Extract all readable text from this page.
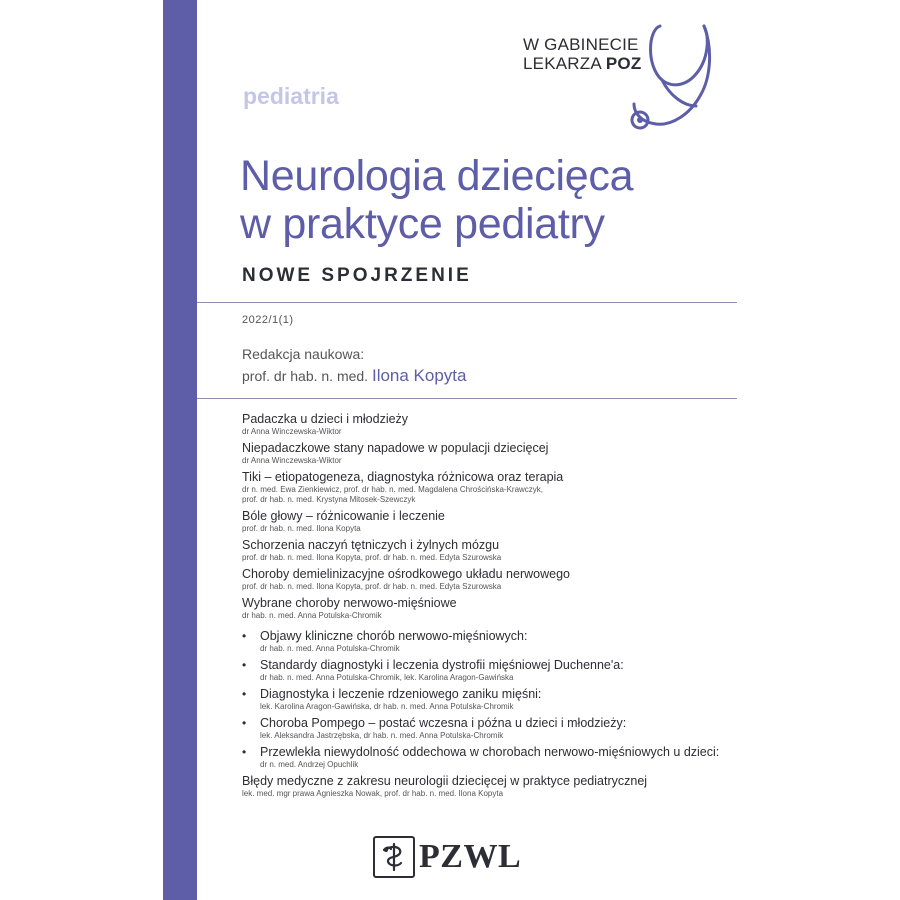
W GABINECIE
LEKARZA POZ
pediatria
Neurologia dziecięca
w praktyce pediatry
NOWE SPOJRZENIE
2022/1(1)
Redakcja naukowa:
prof. dr hab. n. med. Ilona Kopyta
Padaczka u dzieci i młodzieży
dr Anna Winczewska-Wiktor
Niepadaczkowe stany napadowe w populacji dziecięcej
dr Anna Winczewska-Wiktor
Tiki – etiopatogeneza, diagnostyka różnicowa oraz terapia
dr n. med. Ewa Zienkiewicz, prof. dr hab. n. med. Magdalena Chrościńska-Krawczyk,
prof. dr hab. n. med. Krystyna Mitosek-Szewczyk
Bóle głowy – różnicowanie i leczenie
prof. dr hab. n. med. Ilona Kopyta
Schorzenia naczyń tętniczych i żylnych mózgu
prof. dr hab. n. med. Ilona Kopyta, prof. dr hab. n. med. Edyta Szurowska
Choroby demielinizacyjne ośrodkowego układu nerwowego
prof. dr hab. n. med. Ilona Kopyta, prof. dr hab. n. med. Edyta Szurowska
Wybrane choroby nerwowo-mięśniowe
dr hab. n. med. Anna Potulska-Chromik
• Objawy kliniczne chorób nerwowo-mięśniowych:
dr hab. n. med. Anna Potulska-Chromik
• Standardy diagnostyki i leczenia dystrofii mięśniowej Duchenne'a:
dr hab. n. med. Anna Potulska-Chromik, lek. Karolina Aragon-Gawińska
• Diagnostyka i leczenie rdzeniowego zaniku mięśni:
lek. Karolina Aragon-Gawińska, dr hab. n. med. Anna Potulska-Chromik
• Choroba Pompego – postać wczesna i późna u dzieci i młodzieży:
lek. Aleksandra Jastrzębska, dr hab. n. med. Anna Potulska-Chromik
• Przewlekła niewydolność oddechowa w chorobach nerwowo-mięśniowych u dzieci:
dr n. med. Andrzej Opuchlik
Błędy medyczne z zakresu neurologii dziecięcej w praktyce pediatrycznej
lek. med. mgr prawa Agnieszka Nowak, prof. dr hab. n. med. Ilona Kopyta
PZWL
